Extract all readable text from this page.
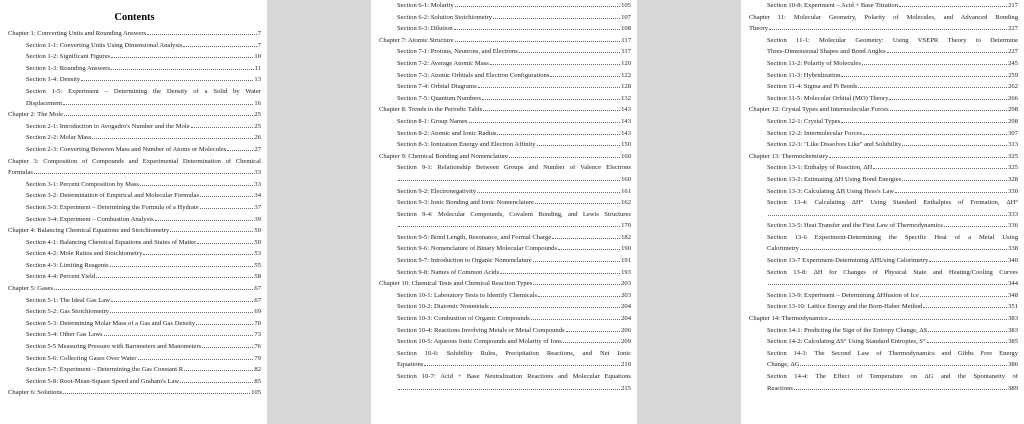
Contents
Chapter 1: Converting Units and Rounding Answers	7
Section 1-1: Converting Units Using Dimensional Analysis	7
Section 1-2: Significant Figures	10
Section 1-3: Rounding Answers	11
Section 1-4: Density	13
Section 1-5: Experiment – Determining the Density of a Solid by Water
Displacement	16
Chapter 2: The Mole	25
Section 2-1: Introduction to Avogadro's Number and the Mole	25
Section 2-2: Molar Mass	26
Section 2-3: Converting Between Mass and Number of Atoms or Molecules	27
Chapter 3: Composition of Compounds and Experimental Determination of Chemical
Formulas	33
Section 3-1: Percent Composition by Mass	33
Section 3-2: Determination of Empirical and Molecular Formulas	34
Section 3-3: Experiment – Determining the Formula of a Hydrate	37
Section 3-4: Experiment – Combustion Analysis	39
Chapter 4: Balancing Chemical Equations and Stoichiometry	50
Section 4-1: Balancing Chemical Equations and States of Matter	50
Section 4-2: Mole Ratios and Stoichiometry	53
Section 4-3: Limiting Reagents	55
Section 4-4: Percent Yield	58
Chapter 5: Gases	67
Section 5-1: The Ideal Gas Law	67
Section 5-2: Gas Stoichiometry	69
Section 5-3: Determining Molar Mass of a Gas and Gas Density	70
Section 5-4: Other Gas Laws	73
Section 5-5 Measuring Pressure with Barometers and Manometers	76
Section 5-6: Collecting Gases Over Water	79
Section 5-7: Experiment – Determining the Gas Constant R	82
Section 5-8: Root-Mean-Square Speed and Graham's Law	85
Chapter 6: Solutions	105
Section 6-1: Molarity	105
Section 6-2: Solution Stoichiometry	107
Section 6-3: Dilution	108
Chapter 7: Atomic Structure	117
Section 7-1: Protons, Neutrons, and Electrons	117
Section 7-2: Average Atomic Mass	120
Section 7-3: Atomic Orbitals and Electron Configurations	122
Section 7-4: Orbital Diagrams	128
Section 7-5: Quantum Numbers	132
Chapter 8: Trends in the Periodic Table	143
Section 8-1: Group Names	143
Section 8-2: Atomic and Ionic Radius	143
Section 8-3: Ionization Energy and Electron Affinity	150
Chapter 9: Chemical Bonding and Nomenclature	160
Section 9-1: Relationship Between Groups and Number of Valence Electrons
160
Section 9-2: Electronegativity	161
Section 9-3: Ionic Bonding and Ionic Nomenclature	162
Section 9-4: Molecular Compounds, Covalent Bonding, and Lewis Structures
170
Section 9-5: Bond Length, Resonance, and Formal Charge	182
Section 9-6: Nomenclature of Binary Molecular Compounds	190
Section 9-7: Introduction to Organic Nomenclature	191
Section 9-8: Names of Common Acids	193
Chapter 10: Chemical Tests and Chemical Reaction Types	203
Section 10-1: Laboratory Tests to Identify Chemicals	203
Section 10-2: Diatomic Nonmetals	204
Section 10-3: Combustion of Organic Compounds	204
Section 10-4: Reactions Involving Metals or Metal Compounds	206
Section 10-5: Aqueous Ionic Compounds and Molarity of Ions	209
Section 10-6: Solubility Rules, Precipitation Reactions, and Net Ionic
Equations	210
Section 10-7: Acid + Base Neutralization Reactions and Molecular Equations
215
Section 10-8: Experiment – Acid + Base Titration	217
Chapter 11: Molecular Geometry, Polarity of Molecules, and Advanced Bonding
Theory	227
Section 11-1: Molecular Geometry: Using VSEPR Theory to Determine
Three-Dimensional Shapes and Bond Angles	227
Section 11-2: Polarity of Molecules	245
Section 11-3: Hybridization	259
Section 11-4: Sigma and Pi Bonds	262
Section 11-5: Molecular Orbital (MO) Theory	266
Chapter 12: Crystal Types and Intermolecular Forces	298
Section 12-1: Crystal Types	298
Section 12-2: Intermolecular Forces	307
Section 12-3: "Like Dissolves Like" and Solubility	313
Chapter 13: Thermochemistry	325
Section 13-1: Enthalpy of Reaction, ΔH	325
Section 13-2: Estimating ΔH Using Bond Energies	328
Section 13-3: Calculating ΔH Using Hess's Law	330
Section 13-4: Calculating ΔH° Using Standard Enthalpies of Formation, ΔH°
333
Section 13-5: Heat Transfer and the First Law of Thermodynamics	336
Section 13-6 Experiment-Determining the Specific Heat of a Metal Using
Calorimetry	338
Section 13-7 Experiment-Determining ΔHUsing Calorimetry	340
Section 13-8: ΔH for Changes of Physical State and Heating/Cooling Curves
344
Section 13-9: Experiment – Determining ΔHfusion of Ice	348
Section 13-10: Lattice Energy and the Born-Haber Method	351
Chapter 14: Thermodynamics	383
Section 14-1: Predicting the Sign of the Entropy Change, ΔS	383
Section 14-2: Calculating ΔS° Using Standard Entropies, S°	385
Section 14-3: The Second Law of Thermodynamics and Gibbs Free Energy
Change, ΔG	386
Section 14-4: The Effect of Temperature on ΔG and the Spontaneity of
Reactions	389
